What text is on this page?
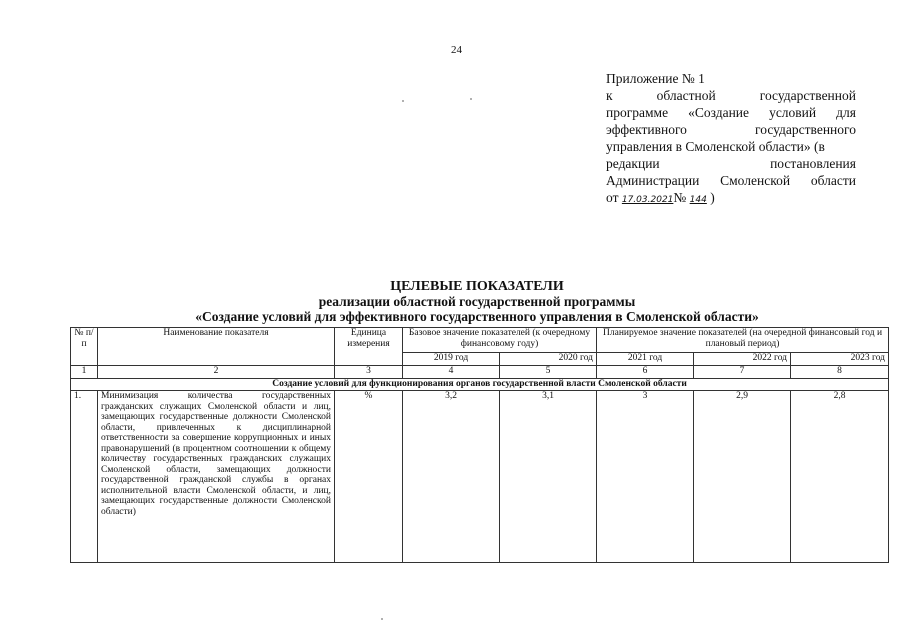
24
Приложение № 1
к	областной	государственной
программе «Создание условий для
эффективного	государственного
управления в Смоленской области» (в
редакции	постановления
Администрации Смоленской области
от 17.03.2021№ 144 )
ЦЕЛЕВЫЕ ПОКАЗАТЕЛИ
реализации областной государственной программы
«Создание условий для эффективного государственного управления в Смоленской области»
№ п/п	Наименование показателя	Единица измерения	Базовое значение показателей (к очередному финансовому году)		Планируемое значение показателей (на очередной финансовый год и плановый период)		
			2019 год	2020 год	2021 год	2022 год	2023 год
1	2	3	4	5	6	7	8
Создание условий для функционирования органов государственной власти Смоленской области							
1.	Минимизация количества государственных гражданских служащих Смоленской области и лиц, замещающих государственные должности Смоленской области, привлеченных к дисциплинарной ответственности за совершение коррупционных и иных правонарушений (в процентном соотношении к общему количеству государственных гражданских служащих Смоленской области, замещающих должности государственной гражданской службы в органах исполнительной власти Смоленской области, и лиц, замещающих государственные должности Смоленской области)	%	3,2	3,1	3	2,9	2,8
